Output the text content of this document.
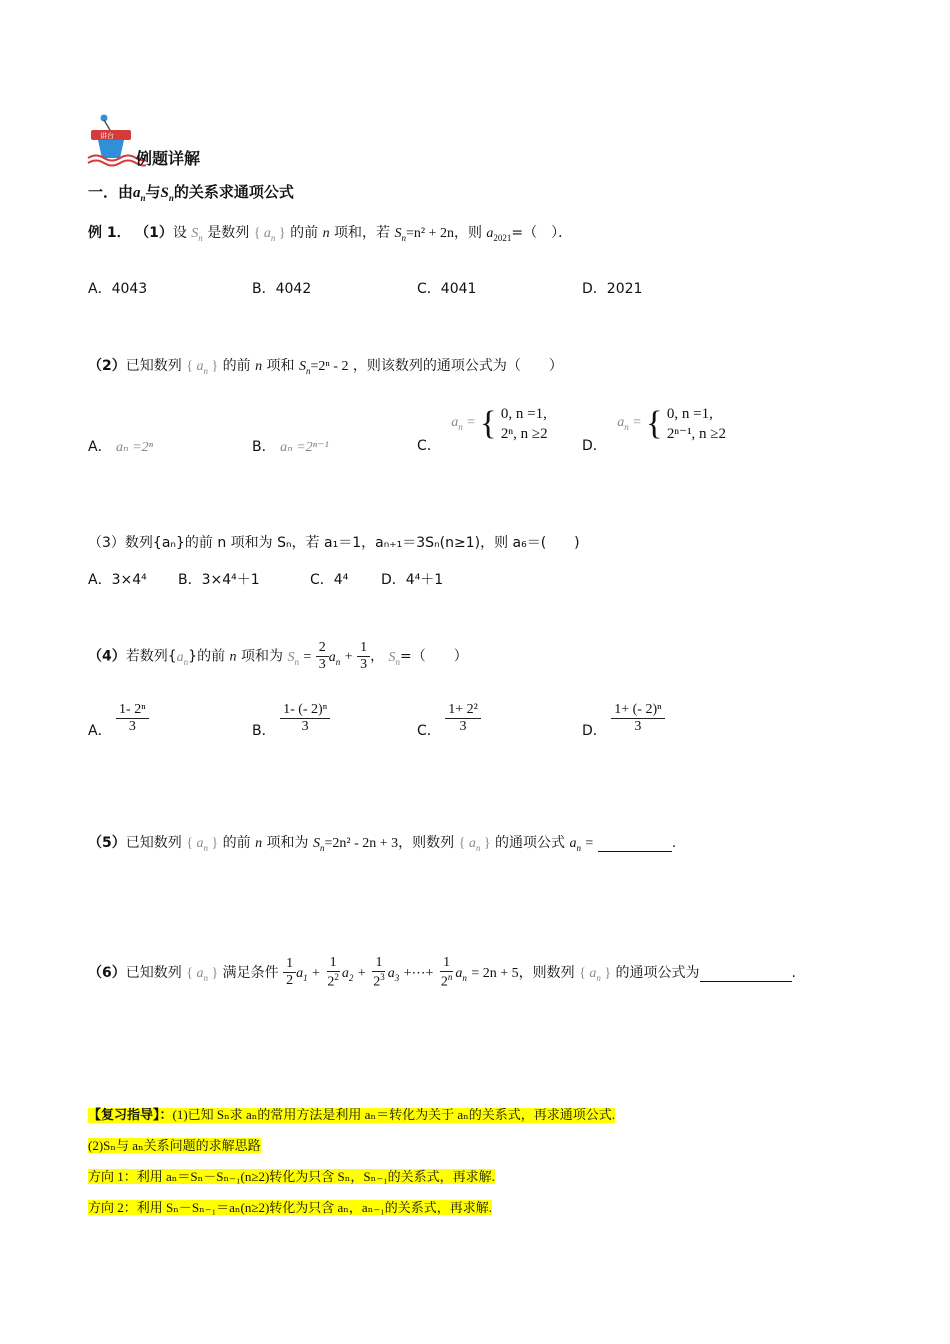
讲台
例题详解
一．由$a_n$与$S_n$的关系求通项公式
例 1． （1）设 $S_n$ 是数列 { $a_n$ } 的前 n 项和，若 $S_n=n^2 + 2n$，则 $a_{2021}=$（　）．
A．4043	B．4042	C．4041	D．2021
（2）已知数列 { $a_n$ } 的前 n 项和 $S_n=2^n - 2$ ，则该数列的通项公式为（　　）
A． aₙ =2ⁿ	B． aₙ =2ⁿ⁻¹	C． $a_n$ = { 0, n =1,
2ⁿ, n ≥2
D． $a_n$ = { 0, n =1,
2ⁿ⁻¹, n ≥2
（3）数列{aₙ}的前 n 项和为 Sₙ，若 a₁＝1，aₙ₊₁＝3Sₙ(n≥1)，则 a₆＝(　　)
A．3×4⁴ B．3×4⁴＋1	C．4⁴ D．4⁴＋1
（4）若数列$\{a_n\}$的前 n 项和为 $S_n = \frac{2}{3} a_n + \frac{1}{3}$ ， $S_n=$（　　）
A． $\frac{\text{1- 2ⁿ}}{3}$	B． $\frac{\text{1- (- 2)ⁿ}}{3}$	C． $\frac{\text{1+ 2²}}{3}$	D． $\frac{\text{1+ (- 2)ⁿ}}{3}$
（5）已知数列 { $a_n$ } 的前 n 项和为 $S_n=2n^2 - 2n + 3$，则数列 { $a_n$ } 的通项公式 $a_n$ =	.
（6）已知数列 { $a_n$ } 满足条件 $\frac{1}{2} a_1 + \frac{1}{2^2} a_2 + \frac{1}{2^3} a_3$ +⋯+ $\frac{1}{2^n} a_n = 2n + 5$，则数列 { $a_n$ } 的通项公式为	.
【复习指导】：(1)已知 Sₙ求 aₙ的常用方法是利用 aₙ＝转化为关于 aₙ的关系式，再求通项公式.
(2)Sₙ与 aₙ关系问题的求解思路
方向 1：利用 aₙ＝Sₙ－Sₙ₋₁(n≥2)转化为只含 Sₙ，Sₙ₋₁的关系式，再求解.
方向 2：利用 Sₙ－Sₙ₋₁＝aₙ(n≥2)转化为只含 aₙ，aₙ₋₁的关系式，再求解.
